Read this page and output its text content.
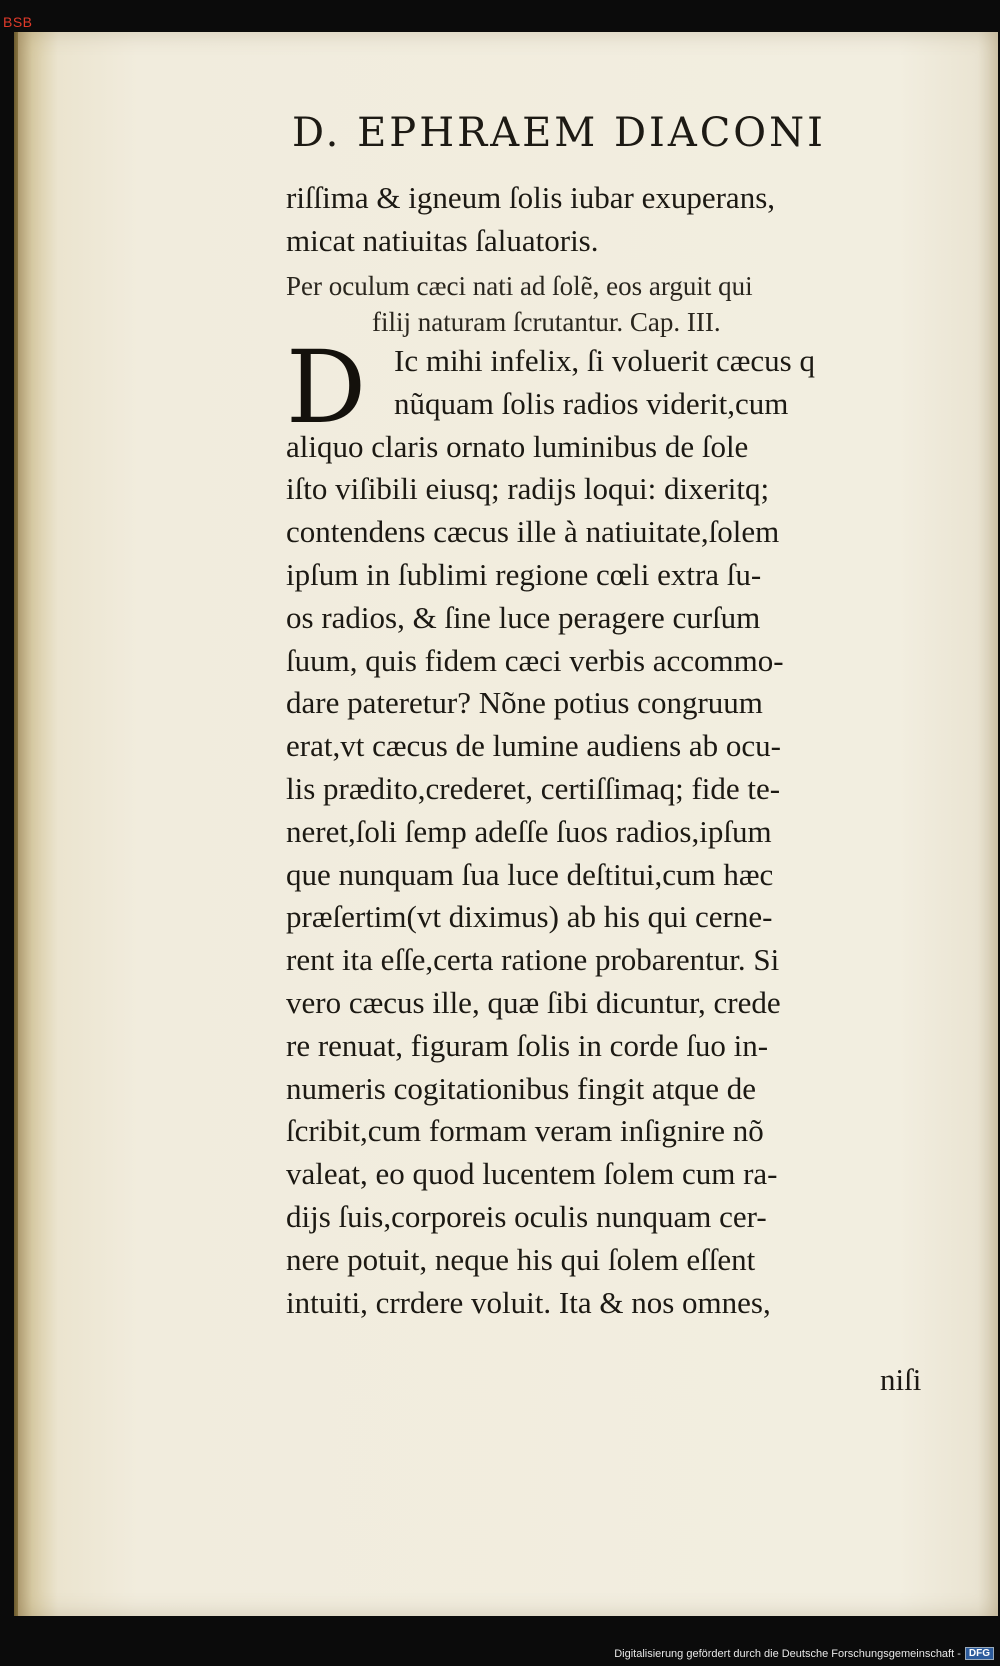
BSB
D. EPHRAEM DIACONI
riſſima & igneum ſolis iubar exuperans,
micat natiuitas ſaluatoris.
Per oculum cæci nati ad ſolẽ, eos arguit qui
filij naturam ſcrutantur. Cap. III.
D Ic mihi infelix, ſi voluerit cæcus q
nũquam ſolis radios viderit,cum
aliquo claris ornato luminibus de ſole
iſto viſibili eiusq; radijs loqui: dixeritq;
contendens cæcus ille à natiuitate,ſolem
ipſum in ſublimi regione cœli extra ſu-
os radios, & ſine luce peragere curſum
ſuum, quis fidem cæci verbis accommo-
dare pateretur? Nõne potius congruum
erat,vt cæcus de lumine audiens ab ocu-
lis prædito,crederet, certiſſimaq; fide te-
neret,ſoli ſemp adeſſe ſuos radios,ipſum
que nunquam ſua luce deſtitui,cum hæc
præſertim(vt diximus) ab his qui cerne-
rent ita eſſe,certa ratione probarentur. Si
vero cæcus ille, quæ ſibi dicuntur, crede
re renuat, figuram ſolis in corde ſuo in-
numeris cogitationibus fingit atque de
ſcribit,cum formam veram inſignire nõ
valeat, eo quod lucentem ſolem cum ra-
dijs ſuis,corporeis oculis nunquam cer-
nere potuit, neque his qui ſolem eſſent
intuiti, crrdere voluit. Ita & nos omnes,
niſi
Digitalisierung gefördert durch die Deutsche Forschungsgemeinschaft - DFG
